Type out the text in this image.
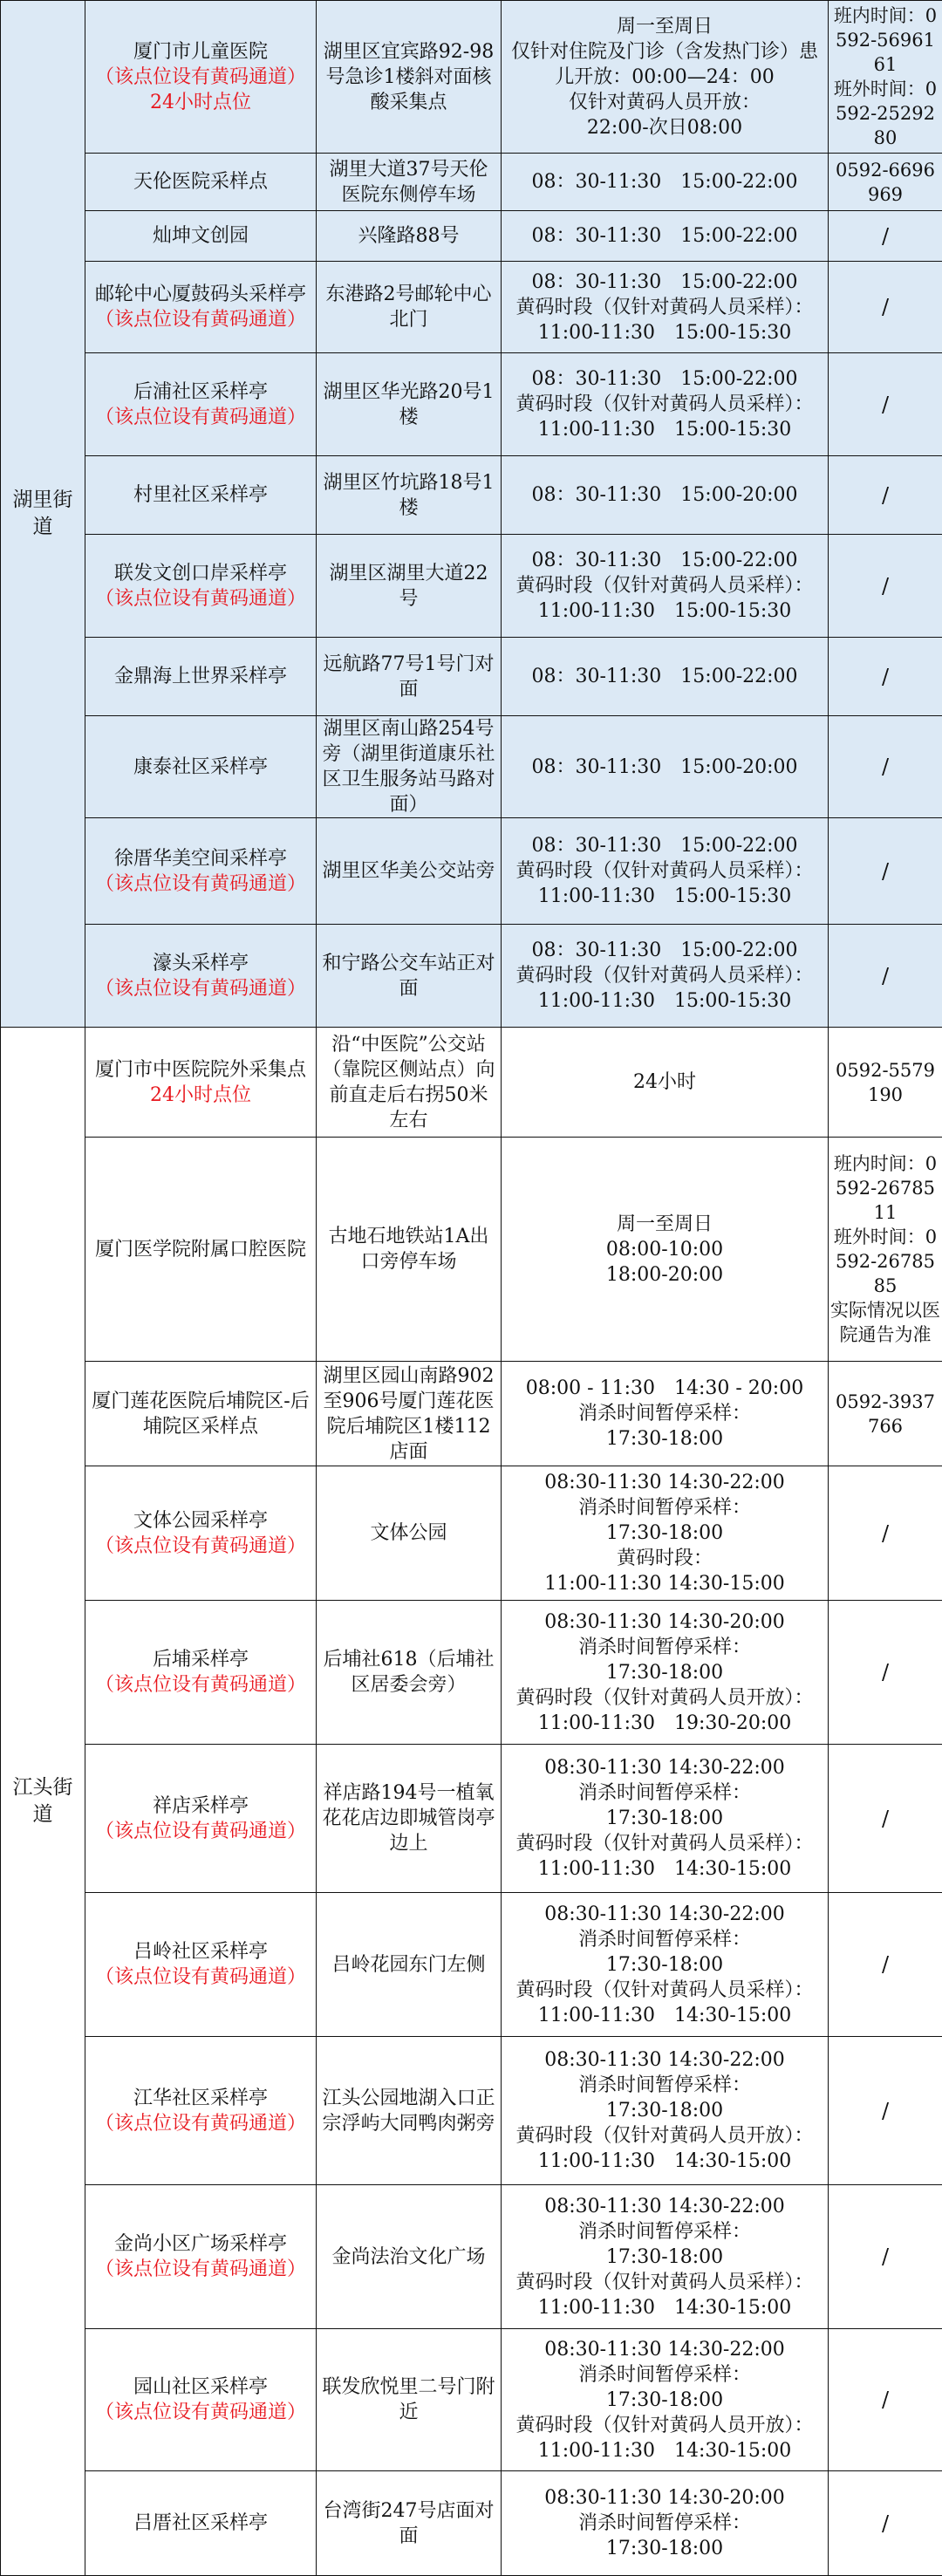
湖里街道	厦门市儿童医院
（该点位设有黄码通道）
24小时点位	湖里区宜宾路92-98号急诊1楼斜对面核酸采集点	周一至周日
仅针对住院及门诊（含发热门诊）患儿开放：00:00—24：00
仅针对黄码人员开放：
22:00-次日08:00	班内时间：0592-5696161
班外时间：0592-2529280

	天伦医院采样点	湖里大道37号天伦医院东侧停车场	08：30-11:30　15:00-22:00	0592-6696969

	灿坤文创园	兴隆路88号	08：30-11:30　15:00-22:00	/

	邮轮中心厦鼓码头采样亭
（该点位设有黄码通道）	东港路2号邮轮中心北门	08：30-11:30　15:00-22:00
黄码时段（仅针对黄码人员采样）：
11:00-11:30　15:00-15:30	/

	后浦社区采样亭
（该点位设有黄码通道）	湖里区华光路20号1楼	08：30-11:30　15:00-22:00
黄码时段（仅针对黄码人员采样）：
11:00-11:30　15:00-15:30	/

	村里社区采样亭	湖里区竹坑路18号1楼	08：30-11:30　15:00-20:00	/

	联发文创口岸采样亭
（该点位设有黄码通道）	湖里区湖里大道22号	08：30-11:30　15:00-22:00
黄码时段（仅针对黄码人员采样）：
11:00-11:30　15:00-15:30	/

	金鼎海上世界采样亭	远航路77号1号门对面	08：30-11:30　15:00-22:00	/

	康泰社区采样亭	湖里区南山路254号旁（湖里街道康乐社区卫生服务站马路对面）	08：30-11:30　15:00-20:00	/

	徐厝华美空间采样亭
（该点位设有黄码通道）	湖里区华美公交站旁	08：30-11:30　15:00-22:00
黄码时段（仅针对黄码人员采样）：
11:00-11:30　15:00-15:30	/

	濠头采样亭
（该点位设有黄码通道）	和宁路公交车站正对面	08：30-11:30　15:00-22:00
黄码时段（仅针对黄码人员采样）：
11:00-11:30　15:00-15:30	/

江头街道	厦门市中医院院外采集点
24小时点位	沿“中医院”公交站（靠院区侧站点）向前直走后右拐50米左右	24小时	0592-5579190

	厦门医学院附属口腔医院	古地石地铁站1A出口旁停车场	周一至周日
08:00-10:00
18:00-20:00	班内时间：0592-2678511
班外时间：0592-2678585
实际情况以医院通告为准

	厦门莲花医院后埔院区-后埔院区采样点	湖里区园山南路902至906号厦门莲花医院后埔院区1楼112店面	08:00 - 11:30　14:30 - 20:00
消杀时间暂停采样：
17:30-18:00	0592-3937766

	文体公园采样亭
（该点位设有黄码通道）	文体公园	08:30-11:30 14:30-22:00
消杀时间暂停采样：
17:30-18:00
黄码时段：
11:00-11:30 14:30-15:00	/

	后埔采样亭
（该点位设有黄码通道）	后埔社618（后埔社区居委会旁）	08:30-11:30 14:30-20:00
消杀时间暂停采样：
17:30-18:00
黄码时段（仅针对黄码人员开放）：
11:00-11:30　19:30-20:00	/

	祥店采样亭
（该点位设有黄码通道）	祥店路194号一植氧花花店边即城管岗亭边上	08:30-11:30 14:30-22:00
消杀时间暂停采样：
17:30-18:00
黄码时段（仅针对黄码人员采样）：
11:00-11:30　14:30-15:00	/

	吕岭社区采样亭
（该点位设有黄码通道）	吕岭花园东门左侧	08:30-11:30 14:30-22:00
消杀时间暂停采样：
17:30-18:00
黄码时段（仅针对黄码人员采样）：
11:00-11:30　14:30-15:00	/

	江华社区采样亭
（该点位设有黄码通道）	江头公园地湖入口正宗浮屿大同鸭肉粥旁	08:30-11:30 14:30-22:00
消杀时间暂停采样：
17:30-18:00
黄码时段（仅针对黄码人员开放）：
11:00-11:30　14:30-15:00	/

	金尚小区广场采样亭
（该点位设有黄码通道）	金尚法治文化广场	08:30-11:30 14:30-22:00
消杀时间暂停采样：
17:30-18:00
黄码时段（仅针对黄码人员采样）：
11:00-11:30　14:30-15:00	/

	园山社区采样亭
（该点位设有黄码通道）	联发欣悦里二号门附近	08:30-11:30 14:30-22:00
消杀时间暂停采样：
17:30-18:00
黄码时段（仅针对黄码人员开放）：
11:00-11:30　14:30-15:00	/

	吕厝社区采样亭	台湾街247号店面对面	08:30-11:30 14:30-20:00
消杀时间暂停采样：
17:30-18:00	/
